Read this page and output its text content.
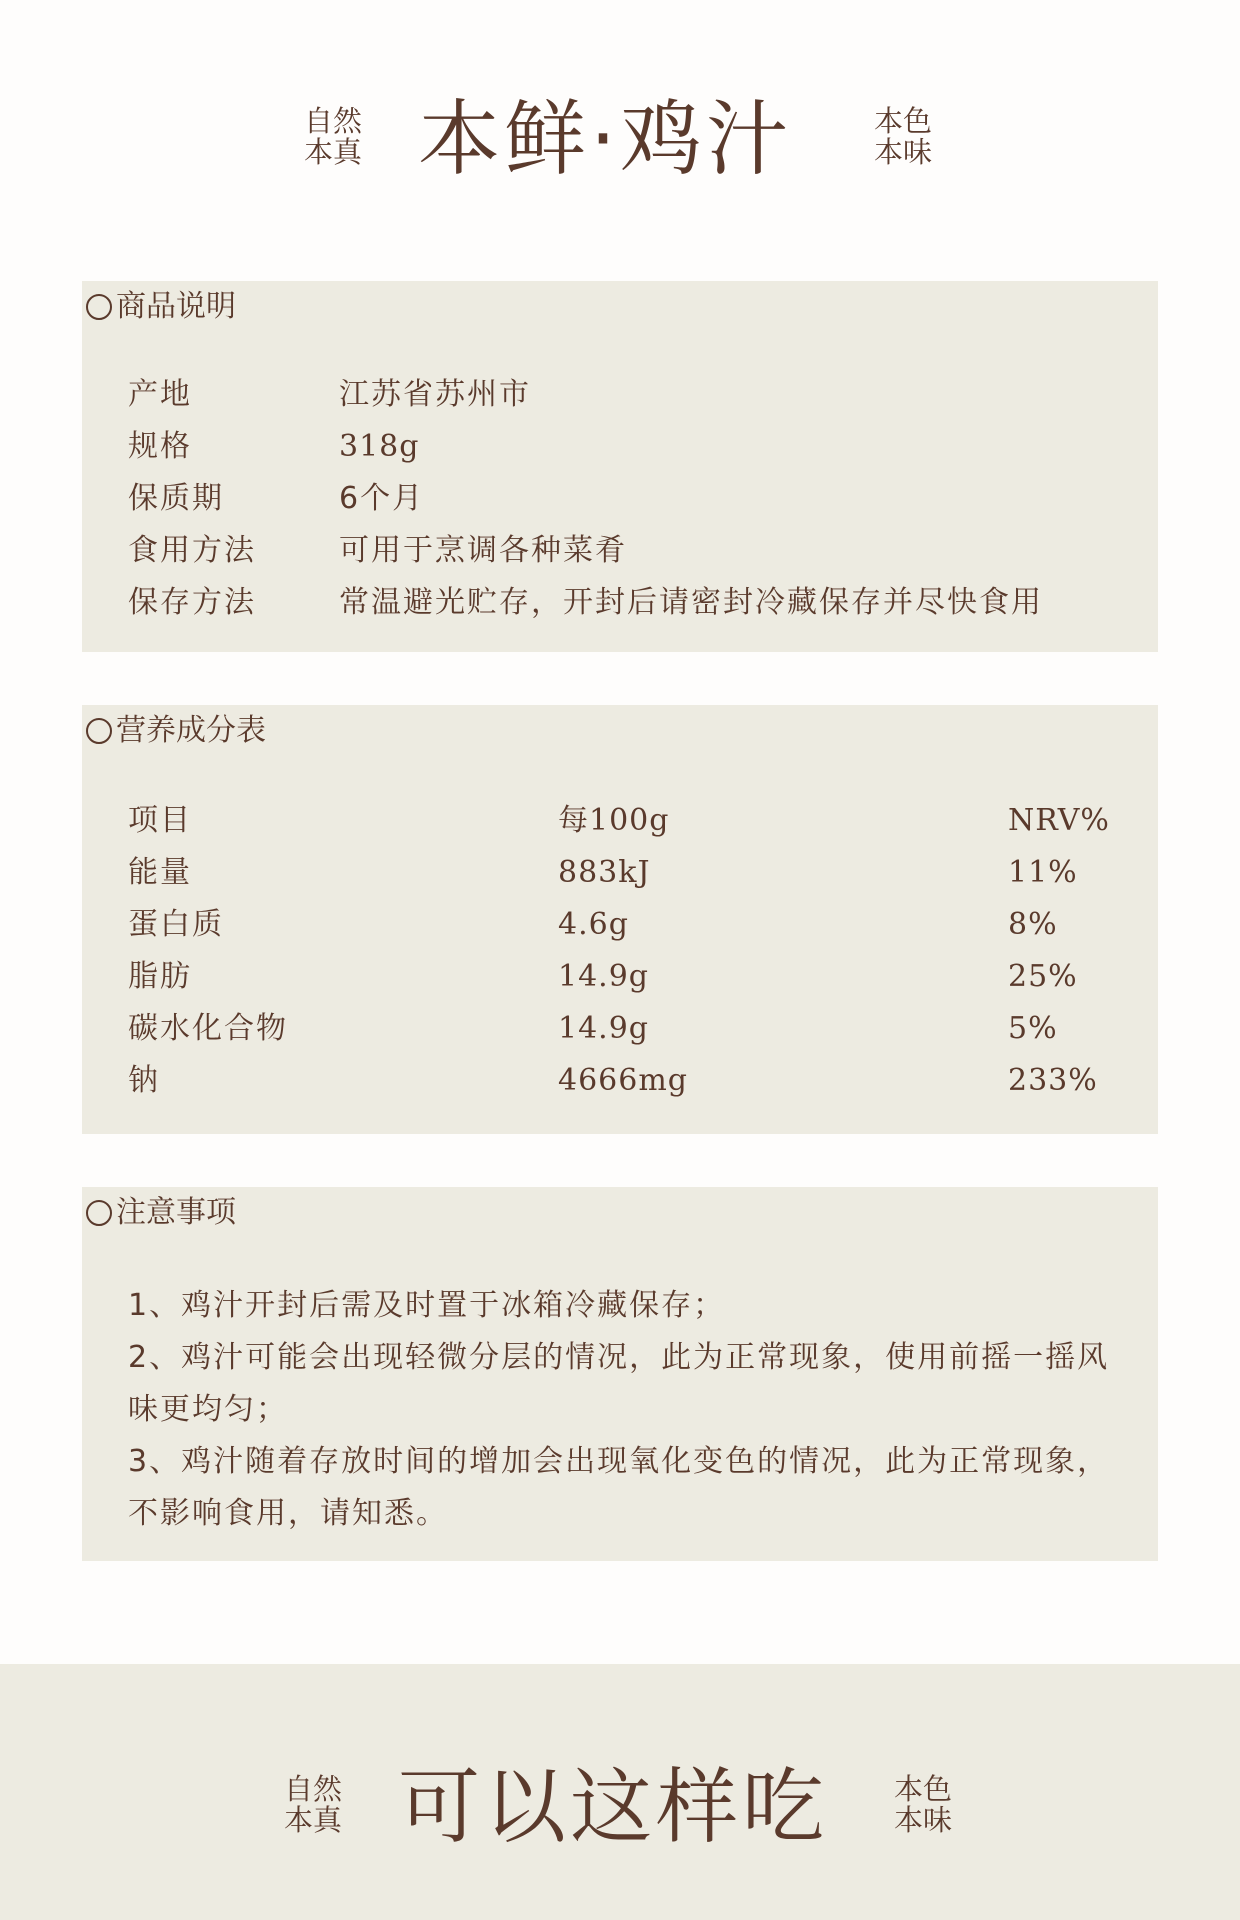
自然
本真 本鲜·鸡汁	本色
本味
商品说明
产地	江苏省苏州市
规格	318g
保质期	6个月
食用方法	可用于烹调各种菜肴
保存方法	常温避光贮存，开封后请密封冷藏保存并尽快食用
营养成分表
项目	每100g	NRV%
能量	883kJ	11%
蛋白质	4.6g	8%
脂肪	14.9g	25%
碳水化合物	14.9g	5%
钠	4666mg	233%
注意事项

1、鸡汁开封后需及时置于冰箱冷藏保存；

2、鸡汁可能会出现轻微分层的情况，此为正常现象，使用前摇一摇风味更均匀；

3、鸡汁随着存放时间的增加会出现氧化变色的情况，此为正常现象，不影响食用，请知悉。

自然
本真 可以这样吃 本色
本味
